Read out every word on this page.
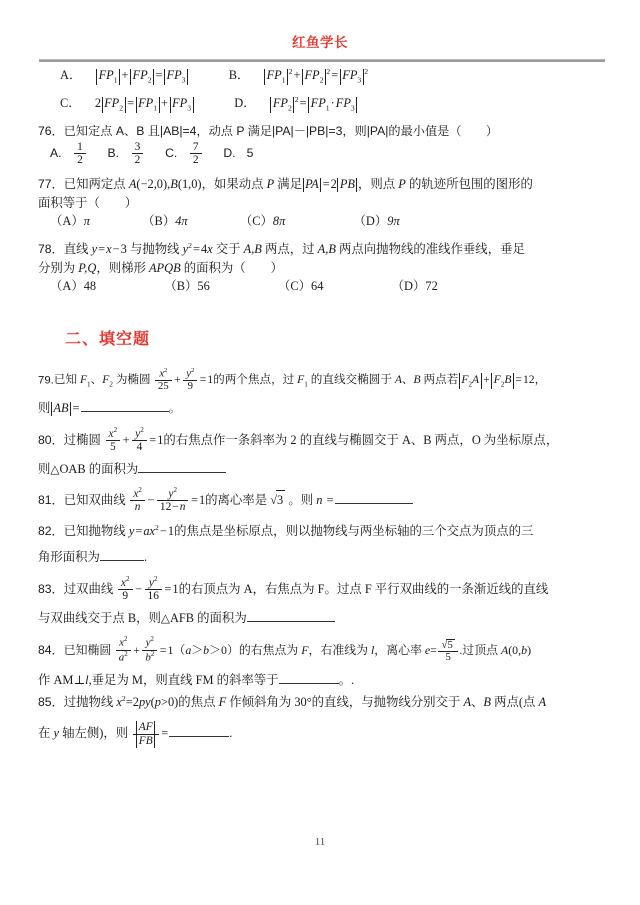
红鱼学长
A． $FP_1 + FP_2 = FP_3$	B． $FP_1^2+ FP_2^2= FP_3^2$
C． 2 $FP_2 = FP_1 + FP_3$	D． $FP_2^2= FP_1\cdot FP_3$
76．已知定点 A、B 且|AB|=4，动点 P 满足|PA|－|PB|=3，则|PA|的最小值是（　　）
A. $\frac{1}{2} B$. $\frac{3}{2} C$. $\frac{7}{2} D$. 5
77．已知两定点 A(−2,0),B(1,0)，如果动点 P 满足 PA =2 PB ，则点 P 的轨迹所包围的图形的
面积等于（　　）
（A）π	（B）4π	（C）8π	（D）9π
78．直线 y=x−3 与抛物线 $y^2=4x$ 交于 A,B 两点，过 A,B 两点向抛物线的准线作垂线，垂足
分别为 P,Q，则梯形 APQB 的面积为（　　）
（A）48	（B）56	（C）64	（D）72
二、填空题
79.已知 $F_1$、$F_2$ 为椭圆 $\frac{x^2}{25} + \frac{y^2}{9} =1$的两个焦点，过 $F_1$ 的直线交椭圆于 A、B 两点若 $F_2A + F_2B =12$，
则 AB =	。
80．过椭圆 $\frac{x^2}{5} + \frac{y^2}{4} =1$的右焦点作一条斜率为 2 的直线与椭圆交于 A、B 两点，O 为坐标原点，
则△OAB 的面积为
81．已知双曲线 $\frac{x^2}{n} - \frac{y^2}{12-n} =1$的离心率是 √3 。则 n =
82．已知抛物线 $y=ax^2-1$的焦点是坐标原点，则以抛物线与两坐标轴的三个交点为顶点的三
角形面积为	.
83．过双曲线 $\frac{x^2}{9} - \frac{y^2}{16} =1$的右顶点为 A，右焦点为 F。过点 F 平行双曲线的一条渐近线的直线
与双曲线交于点 B，则△AFB 的面积为
84．已知椭圆 $\frac{x^2}{a^2} + \frac{y^2}{b^2} =1(a>b>0)$的右焦点为 F，右准线为 l，离心率 $e= \frac{√5}{5}$ .过顶点 A(0,b)
作 AM⊥l,垂足为 M，则直线 FM 的斜率等于	。.
85．过抛物线 $x^2=2py(p>0)$的焦点 F 作倾斜角为 30°的直线，与抛物线分别交于 A、B 两点(点 A
在 y 轴左侧)，则 $\frac{AF}{FB}$ =	.
11
